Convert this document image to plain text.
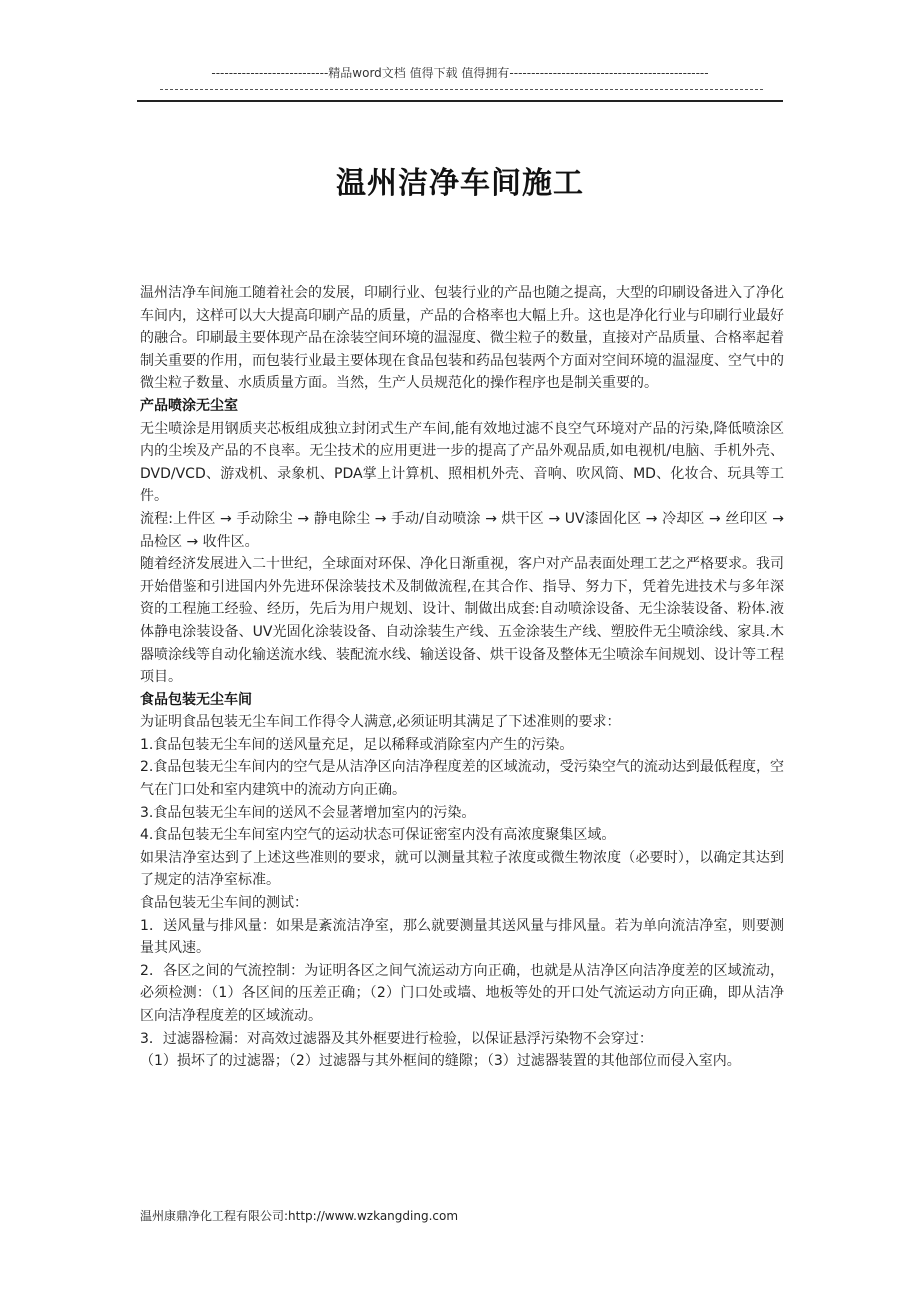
---------------------------精品word文档 值得下载 值得拥有----------------------------------------------
温州洁净车间施工

温州洁净车间施工随着社会的发展，印刷行业、包装行业的产品也随之提高，大型的印刷设备进入了净化车间内，这样可以大大提高印刷产品的质量，产品的合格率也大幅上升。这也是净化行业与印刷行业最好的融合。印刷最主要体现产品在涂装空间环境的温湿度、微尘粒子的数量，直接对产品质量、合格率起着制关重要的作用，而包装行业最主要体现在食品包装和药品包装两个方面对空间环境的温湿度、空气中的微尘粒子数量、水质质量方面。当然，生产人员规范化的操作程序也是制关重要的。

产品喷涂无尘室

无尘喷涂是用钢质夹芯板组成独立封闭式生产车间,能有效地过滤不良空气环境对产品的污染,降低喷涂区内的尘埃及产品的不良率。无尘技术的应用更进一步的提高了产品外观品质,如电视机/电脑、手机外壳、DVD/VCD、游戏机、录象机、PDA掌上计算机、照相机外壳、音响、吹风筒、MD、化妆合、玩具等工件。

流程:上件区 → 手动除尘 → 静电除尘 → 手动/自动喷涂 → 烘干区 → UV漆固化区 → 冷却区 → 丝印区 → 品检区 → 收件区。

随着经济发展进入二十世纪，全球面对环保、净化日渐重视，客户对产品表面处理工艺之严格要求。我司开始借鉴和引进国内外先进环保涂装技术及制做流程,在其合作、指导、努力下，凭着先进技术与多年深资的工程施工经验、经历，先后为用户规划、设计、制做出成套:自动喷涂设备、无尘涂装设备、粉体.液体静电涂装设备、UV光固化涂装设备、自动涂装生产线、五金涂装生产线、塑胶件无尘喷涂线、家具.木器喷涂线等自动化输送流水线、装配流水线、输送设备、烘干设备及整体无尘喷涂车间规划、设计等工程项目。

食品包装无尘车间

为证明食品包装无尘车间工作得令人满意,必须证明其满足了下述准则的要求：

1.食品包装无尘车间的送风量充足，足以稀释或消除室内产生的污染。

2.食品包装无尘车间内的空气是从洁净区向洁净程度差的区域流动，受污染空气的流动达到最低程度，空气在门口处和室内建筑中的流动方向正确。

3.食品包装无尘车间的送风不会显著增加室内的污染。

4.食品包装无尘车间室内空气的运动状态可保证密室内没有高浓度聚集区域。

如果洁净室达到了上述这些准则的要求，就可以测量其粒子浓度或微生物浓度（必要时），以确定其达到了规定的洁净室标准。

食品包装无尘车间的测试：

1．送风量与排风量：如果是紊流洁净室，那么就要测量其送风量与排风量。若为单向流洁净室，则要测量其风速。

2．各区之间的气流控制：为证明各区之间气流运动方向正确，也就是从洁净区向洁净度差的区域流动，必须检测：（1）各区间的压差正确；（2）门口处或墙、地板等处的开口处气流运动方向正确，即从洁净区向洁净程度差的区域流动。

3．过滤器检漏：对高效过滤器及其外框要进行检验，以保证悬浮污染物不会穿过：

（1）损坏了的过滤器；（2）过滤器与其外框间的缝隙；（3）过滤器装置的其他部位而侵入室内。

温州康鼎净化工程有限公司:http://www.wzkangding.com
